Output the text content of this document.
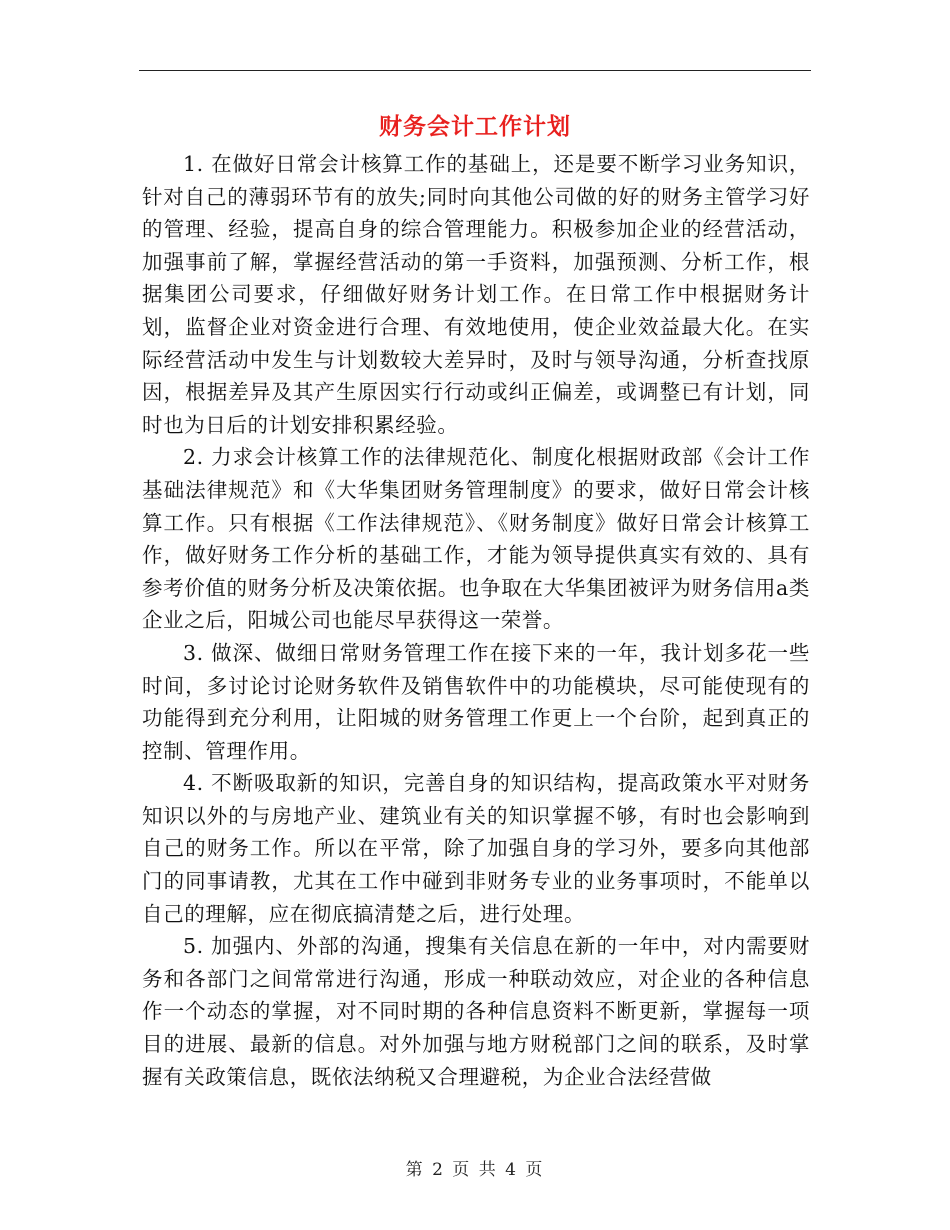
财务会计工作计划

1. 在做好日常会计核算工作的基础上，还是要不断学习业务知识，针对自己的薄弱环节有的放失;同时向其他公司做的好的财务主管学习好的管理、经验，提高自身的综合管理能力。积极参加企业的经营活动，加强事前了解，掌握经营活动的第一手资料，加强预测、分析工作，根据集团公司要求，仔细做好财务计划工作。在日常工作中根据财务计划，监督企业对资金进行合理、有效地使用，使企业效益最大化。在实际经营活动中发生与计划数较大差异时，及时与领导沟通，分析查找原因，根据差异及其产生原因实行行动或纠正偏差，或调整已有计划，同时也为日后的计划安排积累经验。

2. 力求会计核算工作的法律规范化、制度化根据财政部《会计工作基础法律规范》和《大华集团财务管理制度》的要求，做好日常会计核算工作。只有根据《工作法律规范》、《财务制度》做好日常会计核算工作，做好财务工作分析的基础工作，才能为领导提供真实有效的、具有参考价值的财务分析及决策依据。也争取在大华集团被评为财务信用a类企业之后，阳城公司也能尽早获得这一荣誉。

3. 做深、做细日常财务管理工作在接下来的一年，我计划多花一些时间，多讨论讨论财务软件及销售软件中的功能模块，尽可能使现有的功能得到充分利用，让阳城的财务管理工作更上一个台阶，起到真正的控制、管理作用。

4. 不断吸取新的知识，完善自身的知识结构，提高政策水平对财务知识以外的与房地产业、建筑业有关的知识掌握不够，有时也会影响到自己的财务工作。所以在平常，除了加强自身的学习外，要多向其他部门的同事请教，尤其在工作中碰到非财务专业的业务事项时，不能单以自己的理解，应在彻底搞清楚之后，进行处理。

5. 加强内、外部的沟通，搜集有关信息在新的一年中，对内需要财务和各部门之间常常进行沟通，形成一种联动效应，对企业的各种信息作一个动态的掌握，对不同时期的各种信息资料不断更新，掌握每一项目的进展、最新的信息。对外加强与地方财税部门之间的联系，及时掌握有关政策信息，既依法纳税又合理避税，为企业合法经营做

第 2 页 共 4 页
